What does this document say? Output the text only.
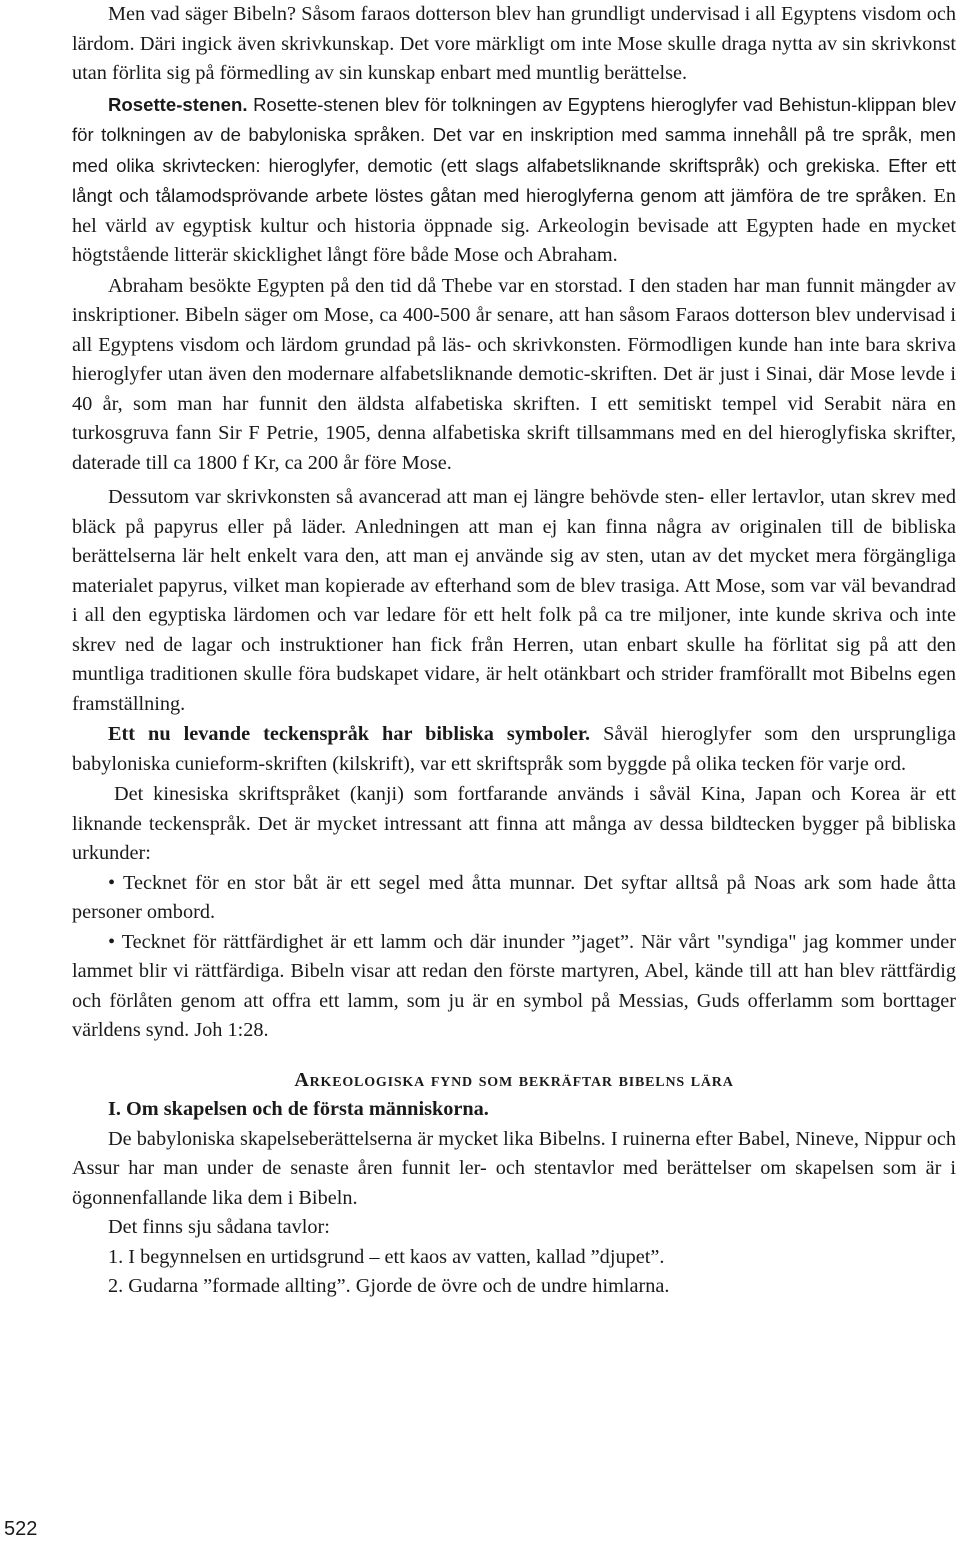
Men vad säger Bibeln? Såsom faraos dotterson blev han grundligt undervisad i all Egyptens visdom och lärdom. Däri ingick även skrivkunskap. Det vore märkligt om inte Mose skulle draga nytta av sin skrivkonst utan förlita sig på förmedling av sin kunskap enbart med muntlig berättelse.

Rosette-stenen. Rosette-stenen blev för tolkningen av Egyptens hieroglyfer vad Behistun-klippan blev för tolkningen av de babyloniska språken. Det var en inskription med samma innehåll på tre språk, men med olika skrivtecken: hieroglyfer, demotic (ett slags alfabetsliknande skriftspråk) och grekiska. Efter ett långt och tålamodsprövande arbete löstes gåtan med hieroglyferna genom att jämföra de tre språken. En hel värld av egyptisk kultur och historia öppnade sig. Arkeologin bevisade att Egypten hade en mycket högtstående litterär skicklighet långt före både Mose och Abraham.

Abraham besökte Egypten på den tid då Thebe var en storstad. I den staden har man funnit mängder av inskriptioner. Bibeln säger om Mose, ca 400-500 år senare, att han såsom Faraos dotterson blev undervisad i all Egyptens visdom och lärdom grundad på läs- och skrivkonsten. Förmodligen kunde han inte bara skriva hieroglyfer utan även den modernare alfabetsliknande demotic-skriften. Det är just i Sinai, där Mose levde i 40 år, som man har funnit den äldsta alfabetiska skriften. I ett semitiskt tempel vid Serabit nära en turkosgruva fann Sir F Petrie, 1905, denna alfabetiska skrift tillsammans med en del hieroglyfiska skrifter, daterade till ca 1800 f Kr, ca 200 år före Mose.

Dessutom var skrivkonsten så avancerad att man ej längre behövde sten- eller lertavlor, utan skrev med bläck på papyrus eller på läder. Anledningen att man ej kan finna några av originalen till de bibliska berättelserna lär helt enkelt vara den, att man ej använde sig av sten, utan av det mycket mera förgängliga materialet papyrus, vilket man kopierade av efterhand som de blev trasiga. Att Mose, som var väl bevandrad i all den egyptiska lärdomen och var ledare för ett helt folk på ca tre miljoner, inte kunde skriva och inte skrev ned de lagar och instruktioner han fick från Herren, utan enbart skulle ha förlitat sig på att den muntliga traditionen skulle föra budskapet vidare, är helt otänkbart och strider framförallt mot Bibelns egen framställning.

Ett nu levande teckenspråk har bibliska symboler. Såväl hieroglyfer som den ursprungliga babyloniska cunieform-skriften (kilskrift), var ett skriftspråk som byggde på olika tecken för varje ord.

Det kinesiska skriftspråket (kanji) som fortfarande används i såväl Kina, Japan och Korea är ett liknande teckenspråk. Det är mycket intressant att finna att många av dessa bildtecken bygger på bibliska urkunder:

• Tecknet för en stor båt är ett segel med åtta munnar. Det syftar alltså på Noas ark som hade åtta personer ombord.

• Tecknet för rättfärdighet är ett lamm och där inunder ”jaget”. När vårt "syndiga" jag kommer under lammet blir vi rättfärdiga. Bibeln visar att redan den förste martyren, Abel, kände till att han blev rättfärdig och förlåten genom att offra ett lamm, som ju är en symbol på Messias, Guds offerlamm som borttager världens synd. Joh 1:28.

Arkeologiska fynd som bekräftar bibelns lära

I. Om skapelsen och de första människorna.

De babyloniska skapelseberättelserna är mycket lika Bibelns. I ruinerna efter Babel, Nineve, Nippur och Assur har man under de senaste åren funnit ler- och stentavlor med berättelser om skapelsen som är i ögonnenfallande lika dem i Bibeln.

Det finns sju sådana tavlor:

1. I begynnelsen en urtidsgrund – ett kaos av vatten, kallad ”djupet”.

2. Gudarna ”formade allting”. Gjorde de övre och de undre himlarna.

522
